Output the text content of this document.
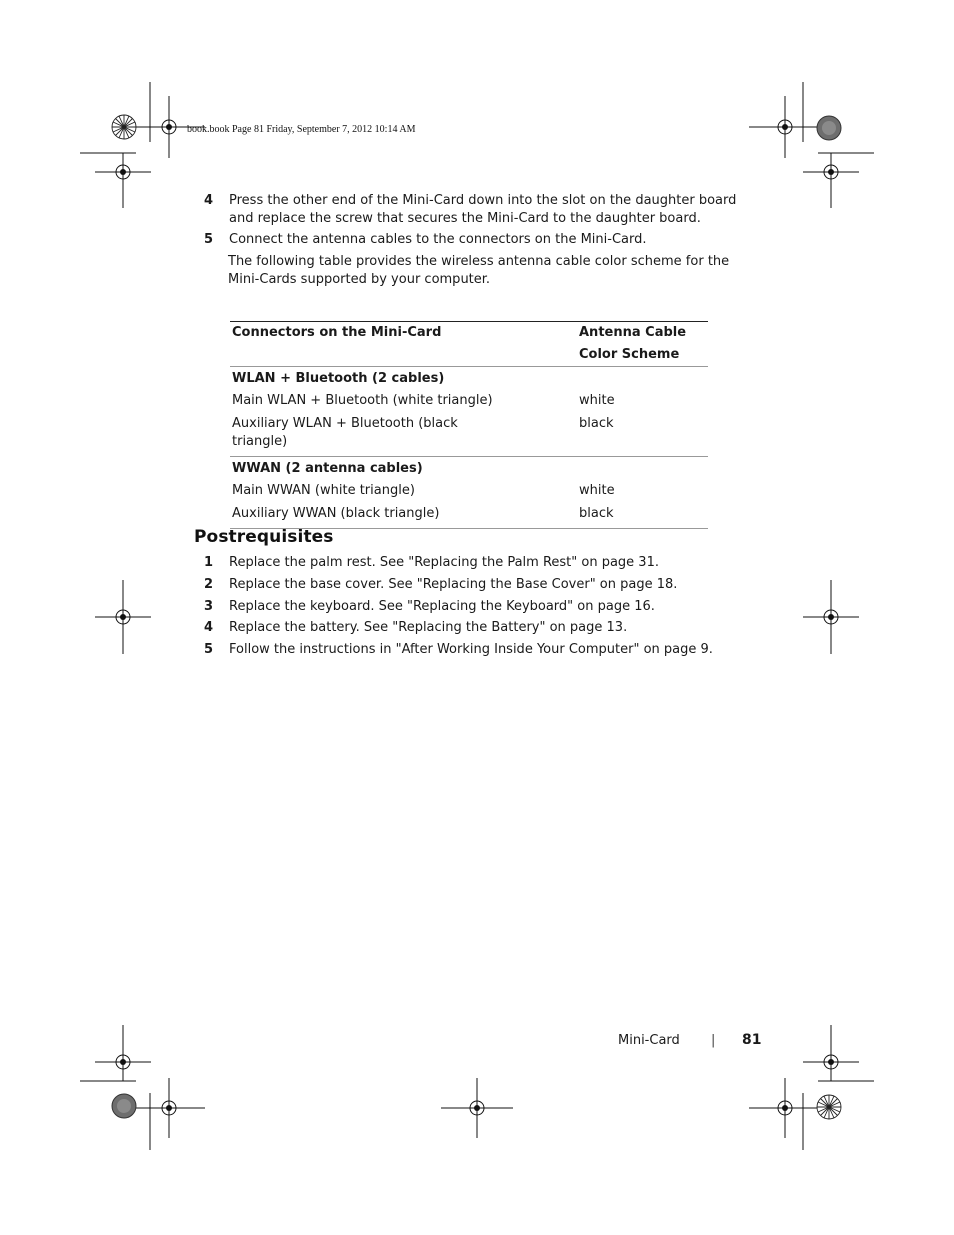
book.book Page 81 Friday, September 7, 2012 10:14 AM
4	Press the other end of the Mini-Card down into the slot on the daughter board and replace the screw that secures the Mini-Card to the daughter board.
5	Connect the antenna cables to the connectors on the Mini-Card.
The following table provides the wireless antenna cable color scheme for the Mini-Cards supported by your computer.
Connectors on the Mini-Card	Antenna Cable Color Scheme
WLAN + Bluetooth (2 cables)	
Main WLAN + Bluetooth (white triangle)	white
Auxiliary WLAN + Bluetooth (black triangle)	black
WWAN (2 antenna cables)	
Main WWAN (white triangle)	white
Auxiliary WWAN (black triangle)	black
Postrequisites
1	Replace the palm rest. See "Replacing the Palm Rest" on page 31.
2	Replace the base cover. See "Replacing the Base Cover" on page 18.
3	Replace the keyboard. See "Replacing the Keyboard" on page 16.
4	Replace the battery. See "Replacing the Battery" on page 13.
5	Follow the instructions in "After Working Inside Your Computer" on page 9.
Mini-Card | 81
